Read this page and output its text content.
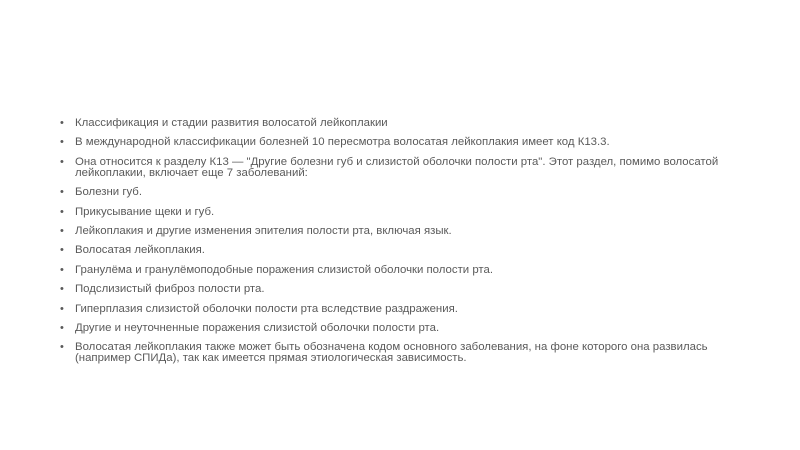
• Классификация и стадии развития волосатой лейкоплакии
• В международной классификации болезней 10 пересмотра волосатая лейкоплакия имеет код К13.3.
• Она относится к разделу К13 — "Другие болезни губ и слизистой оболочки полости рта". Этот раздел, помимо волосатой лейкоплакии, включает еще 7 заболеваний:
• Болезни губ.
• Прикусывание щеки и губ.
• Лейкоплакия и другие изменения эпителия полости рта, включая язык.
• Волосатая лейкоплакия.
• Гранулёма и гранулёмоподобные поражения слизистой оболочки полости рта.
• Подслизистый фиброз полости рта.
• Гиперплазия слизистой оболочки полости рта вследствие раздражения.
• Другие и неуточненные поражения слизистой оболочки полости рта.
• Волосатая лейкоплакия также может быть обозначена кодом основного заболевания, на фоне которого она развилась (например СПИДа), так как имеется прямая этиологическая зависимость.
